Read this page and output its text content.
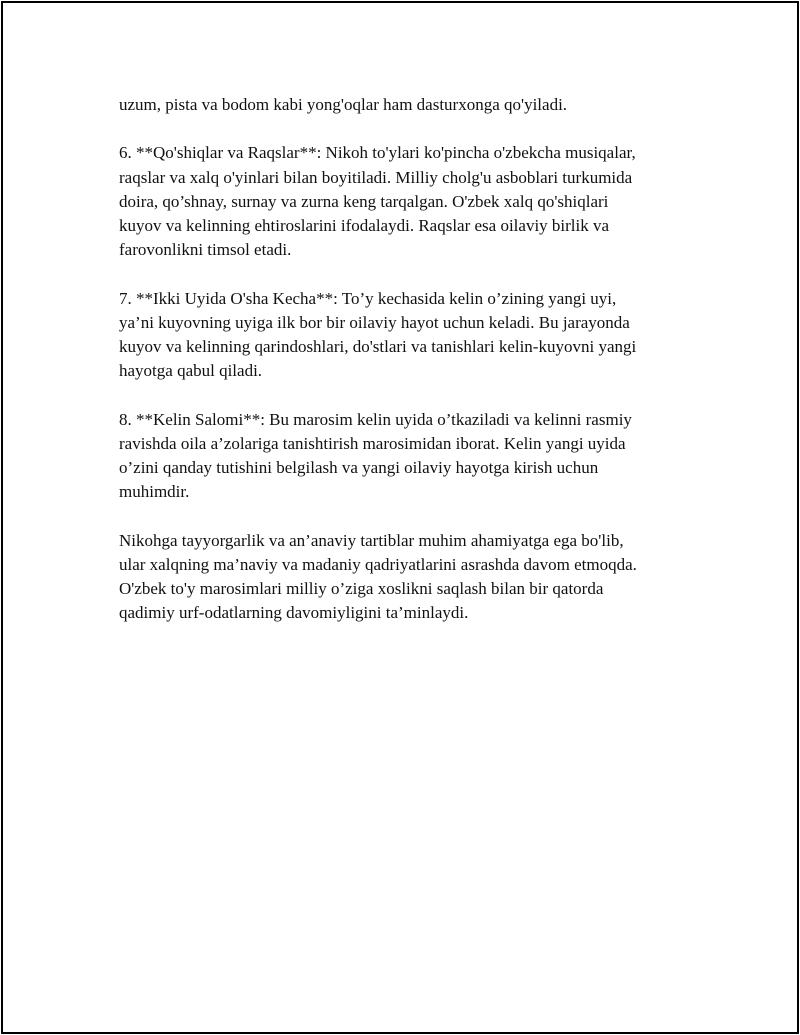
uzum, pista va bodom kabi yong'oqlar ham dasturxonga qo'yiladi.

6. **Qo'shiqlar va Raqslar**: Nikoh to'ylari ko'pincha o'zbekcha musiqalar,
raqslar va xalq o'yinlari bilan boyitiladi. Milliy cholg'u asboblari turkumida
doira, qo’shnay, surnay va zurna keng tarqalgan. O'zbek xalq qo'shiqlari
kuyov va kelinning ehtiroslarini ifodalaydi. Raqslar esa oilaviy birlik va
farovonlikni timsol etadi.

7. **Ikki Uyida O'sha Kecha**: To’y kechasida kelin o’zining yangi uyi,
ya’ni kuyovning uyiga ilk bor bir oilaviy hayot uchun keladi. Bu jarayonda
kuyov va kelinning qarindoshlari, do'stlari va tanishlari kelin-kuyovni yangi
hayotga qabul qiladi.

8. **Kelin Salomi**: Bu marosim kelin uyida o’tkaziladi va kelinni rasmiy
ravishda oila a’zolariga tanishtirish marosimidan iborat. Kelin yangi uyida
o’zini qanday tutishini belgilash va yangi oilaviy hayotga kirish uchun
muhimdir.

Nikohga tayyorgarlik va an’anaviy tartiblar muhim ahamiyatga ega bo'lib,
ular xalqning ma’naviy va madaniy qadriyatlarini asrashda davom etmoqda.
O'zbek to'y marosimlari milliy o’ziga xoslikni saqlash bilan bir qatorda
qadimiy urf-odatlarning davomiyligini ta’minlaydi.
